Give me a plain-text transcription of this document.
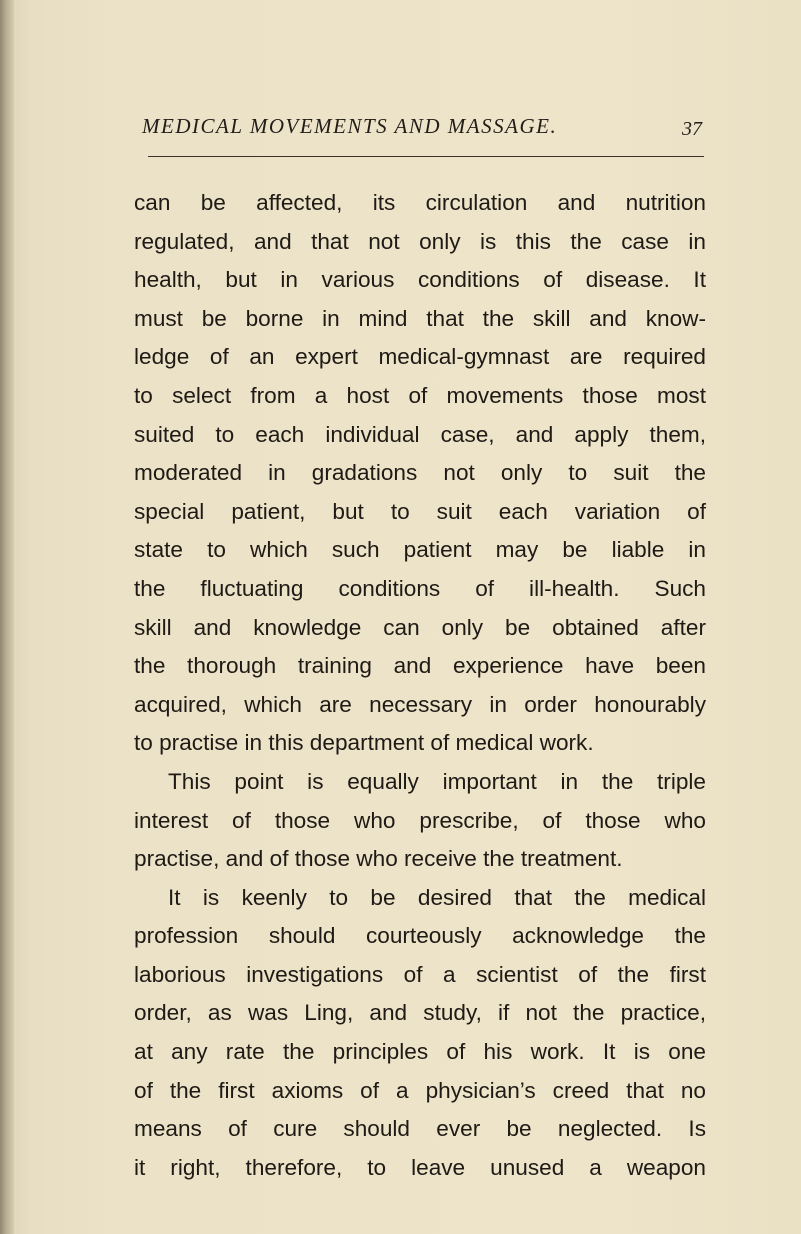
MEDICAL MOVEMENTS AND MASSAGE.	37
can be affected, its circulation and nutrition
regulated, and that not only is this the case in
health, but in various conditions of disease. It
must be borne in mind that the skill and know-
ledge of an expert medical-gymnast are required
to select from a host of movements those most
suited to each individual case, and apply them,
moderated in gradations not only to suit the
special patient, but to suit each variation of
state to which such patient may be liable in
the fluctuating conditions of ill-health. Such
skill and knowledge can only be obtained after
the thorough training and experience have been
acquired, which are necessary in order honourably
to practise in this department of medical work.
This point is equally important in the triple
interest of those who prescribe, of those who
practise, and of those who receive the treatment.
It is keenly to be desired that the medical
profession should courteously acknowledge the
laborious investigations of a scientist of the first
order, as was Ling, and study, if not the practice,
at any rate the principles of his work. It is one
of the first axioms of a physician’s creed that no
means of cure should ever be neglected. Is
it right, therefore, to leave unused a weapon
